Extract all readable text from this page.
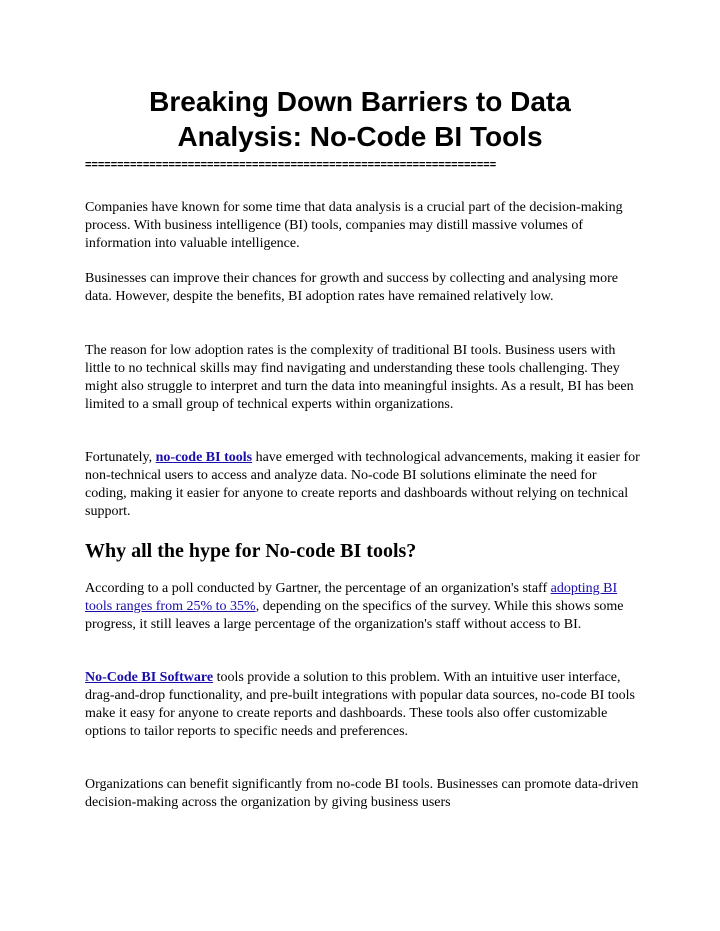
Breaking Down Barriers to Data
Analysis: No-Code BI Tools
================================================================

Companies have known for some time that data analysis is a crucial part of the decision-making process. With business intelligence (BI) tools, companies may distill massive volumes of information into valuable intelligence.

Businesses can improve their chances for growth and success by collecting and analysing more data. However, despite the benefits, BI adoption rates have remained relatively low.

The reason for low adoption rates is the complexity of traditional BI tools. Business users with little to no technical skills may find navigating and understanding these tools challenging. They might also struggle to interpret and turn the data into meaningful insights. As a result, BI has been limited to a small group of technical experts within organizations.

Fortunately, no-code BI tools have emerged with technological advancements, making it easier for non-technical users to access and analyze data. No-code BI solutions eliminate the need for coding, making it easier for anyone to create reports and dashboards without relying on technical support.

Why all the hype for No-code BI tools?

According to a poll conducted by Gartner, the percentage of an organization's staff adopting BI tools ranges from 25% to 35%, depending on the specifics of the survey. While this shows some progress, it still leaves a large percentage of the organization's staff without access to BI.

No-Code BI Software tools provide a solution to this problem. With an intuitive user interface, drag-and-drop functionality, and pre-built integrations with popular data sources, no-code BI tools make it easy for anyone to create reports and dashboards. These tools also offer customizable options to tailor reports to specific needs and preferences.

Organizations can benefit significantly from no-code BI tools. Businesses can promote data-driven decision-making across the organization by giving business users
